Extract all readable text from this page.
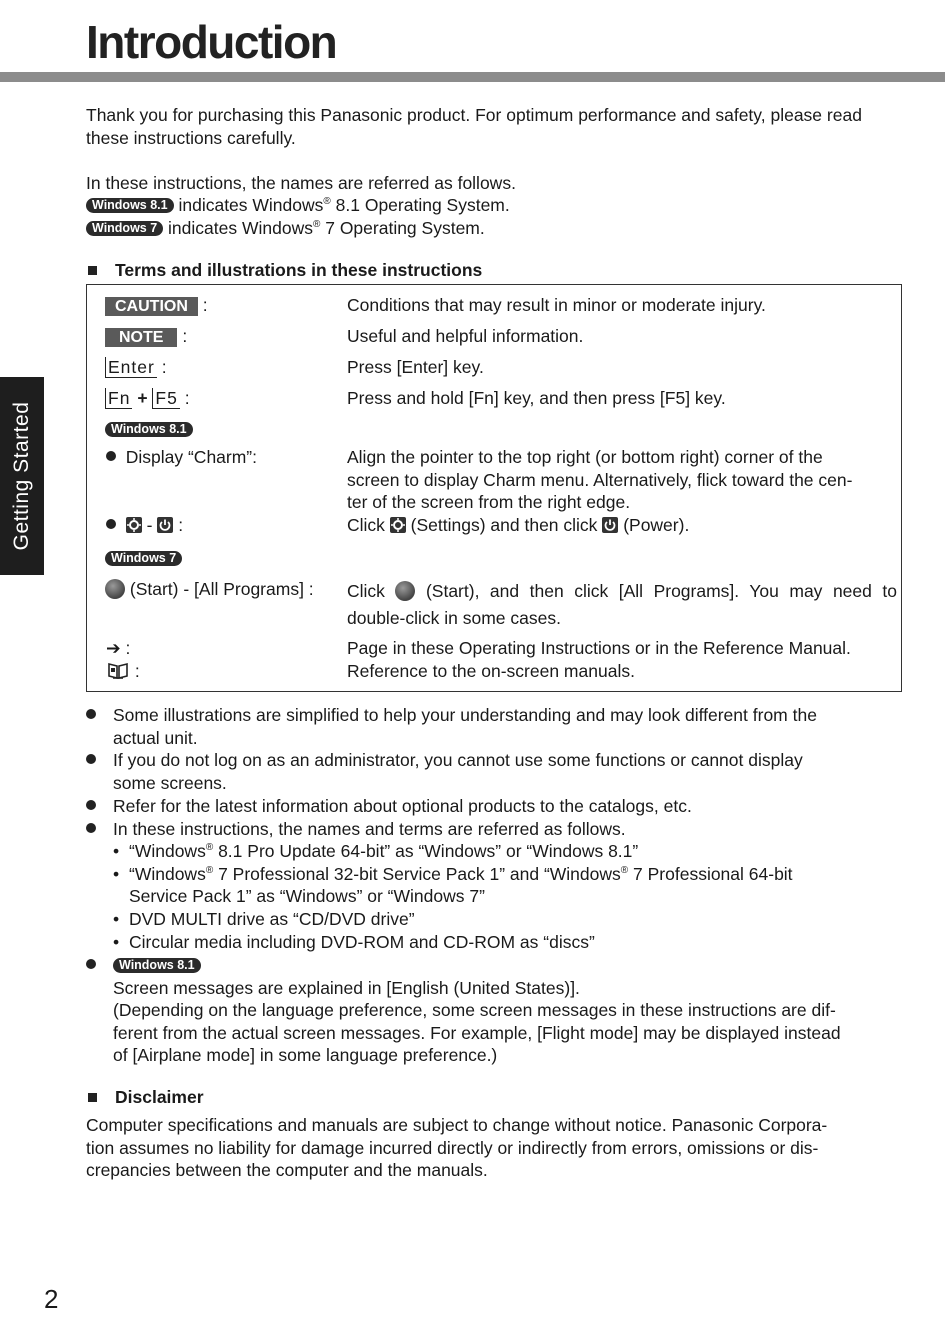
Introduction
Getting Started
Thank you for purchasing this Panasonic product. For optimum performance and safety, please read these instructions carefully.
In these instructions, the names are referred as follows.
Windows 8.1 indicates Windows® 8.1 Operating System.
Windows 7 indicates Windows® 7 Operating System.
Terms and illustrations in these instructions
CAUTION :	Conditions that may result in minor or moderate injury.
NOTE :	Useful and helpful information.
Enter :	Press [Enter] key.
Fn + F5 :	Press and hold [Fn] key, and then press [F5] key.
Windows 8.1
Display “Charm”:	Align the pointer to the top right (or bottom right) corner of the
screen to display Charm menu. Alternatively, flick toward the cen-
ter of the screen from the right edge.

- :	Click (Settings) and then click (Power).
Windows 7
(Start) - [All Programs] : Click (Start), and then click [All Programs]. You may need to
double-click in some cases.
➔ :	Page in these Operating Instructions or in the Reference Manual.
:	Reference to the on-screen manuals.
Some illustrations are simplified to help your understanding and may look different from the
actual unit.
If you do not log on as an administrator, you cannot use some functions or cannot display
some screens.
Refer for the latest information about optional products to the catalogs, etc.
In these instructions, the names and terms are referred as follows.
• “Windows® 8.1 Pro Update 64-bit” as “Windows” or “Windows 8.1”
• “Windows® 7 Professional 32-bit Service Pack 1” and “Windows® 7 Professional 64-bit
Service Pack 1” as “Windows” or “Windows 7”
• DVD MULTI drive as “CD/DVD drive”
• Circular media including DVD-ROM and CD-ROM as “discs”
Windows 8.1
Screen messages are explained in [English (United States)].
(Depending on the language preference, some screen messages in these instructions are dif-
ferent from the actual screen messages. For example, [Flight mode] may be displayed instead
of [Airplane mode] in some language preference.)
Disclaimer
Computer specifications and manuals are subject to change without notice. Panasonic Corpora-
tion assumes no liability for damage incurred directly or indirectly from errors, omissions or dis-
crepancies between the computer and the manuals.
2
